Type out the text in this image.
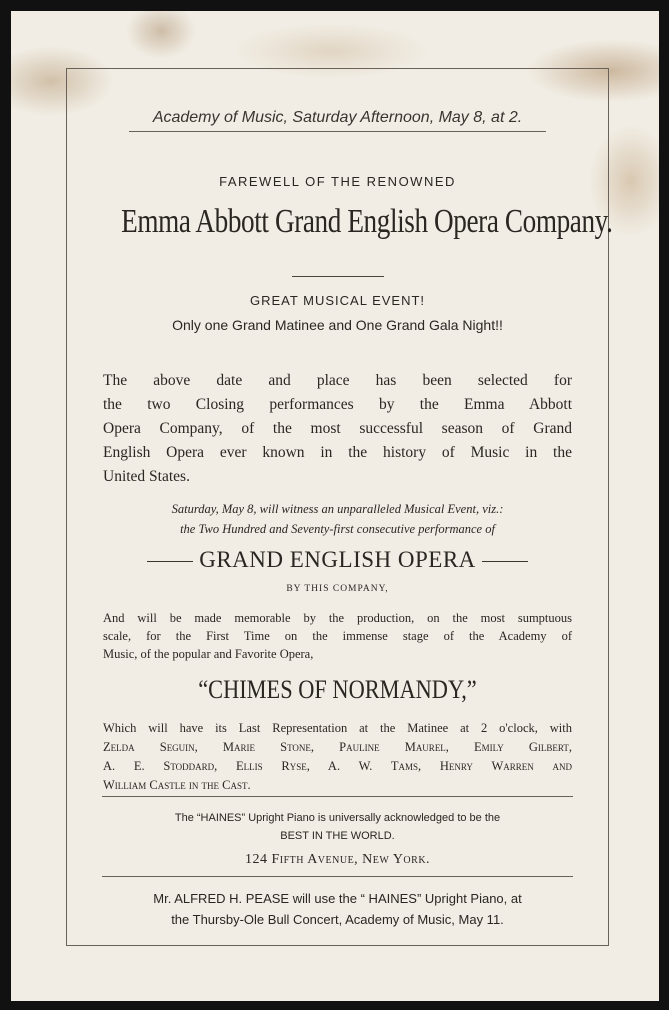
Academy of Music, Saturday Afternoon, May 8, at 2.
FAREWELL OF THE RENOWNED
Emma Abbott Grand English Opera Company.
GREAT MUSICAL EVENT!
Only one Grand Matinee and One Grand Gala Night!!
The above date and place has been selected for
the two Closing performances by the Emma Abbott
Opera Company, of the most successful season of Grand
English Opera ever known in the history of Music in the
United States.
Saturday, May 8, will witness an unparalleled Musical Event, viz.:
the Two Hundred and Seventy-first consecutive performance of
GRAND ENGLISH OPERA
BY THIS COMPANY,
And will be made memorable by the production, on the most sumptuous
scale, for the First Time on the immense stage of the Academy of
Music, of the popular and Favorite Opera,
“CHIMES OF NORMANDY,”
Which will have its Last Representation at the Matinee at 2 o'clock, with
Zelda Seguin, Marie Stone, Pauline Maurel, Emily Gilbert,
A. E. Stoddard, Ellis Ryse, A. W. Tams, Henry Warren and
William Castle in the Cast.
The “HAINES” Upright Piano is universally acknowledged to be the
BEST IN THE WORLD.
124 Fifth Avenue, New York.
Mr. ALFRED H. PEASE will use the “ HAINES” Upright Piano, at
the Thursby-Ole Bull Concert, Academy of Music, May 11.
